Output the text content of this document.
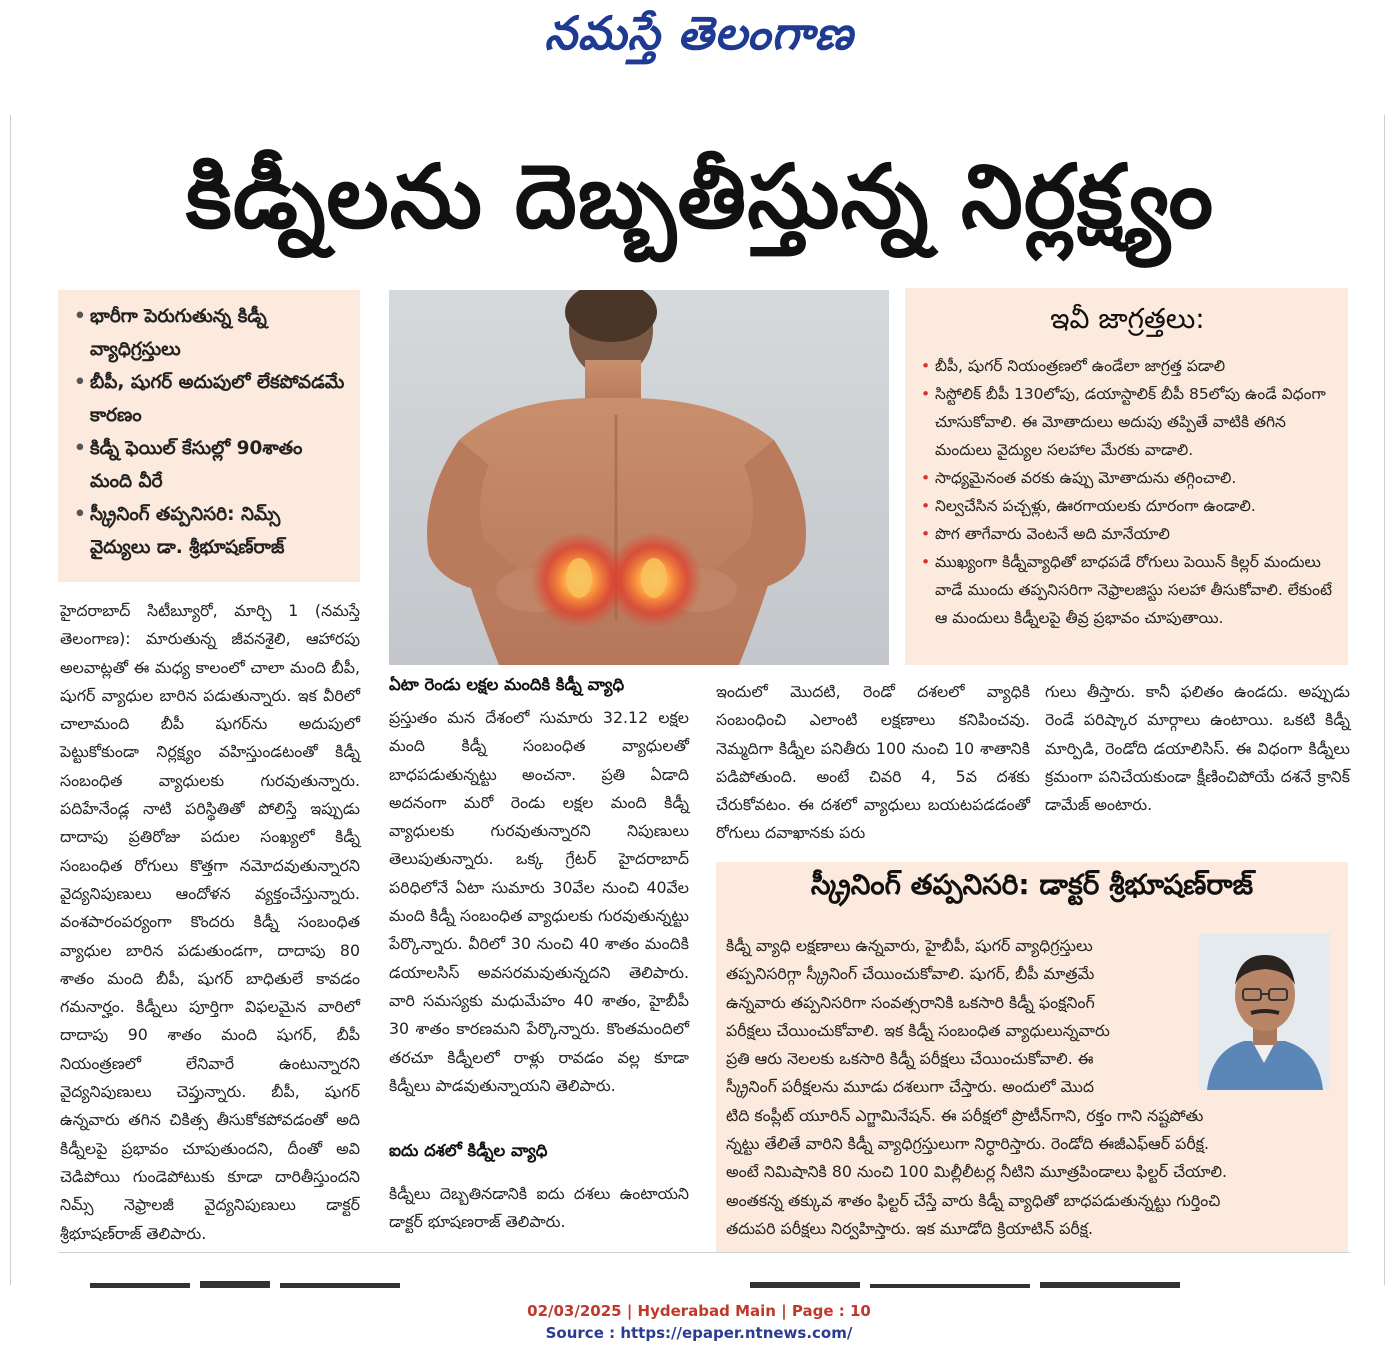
నమస్తే తెలంగాణ
కిడ్నీలను దెబ్బతీస్తున్న నిర్లక్ష్యం
• భారీగా పెరుగుతున్న కిడ్నీ వ్యాధిగ్రస్తులు
• బీపీ, షుగర్ అదుపులో లేకపోవడమే కారణం
• కిడ్నీ ఫెయిల్ కేసుల్లో 90శాతం మంది వీరే
• స్క్రీనింగ్ తప్పనిసరి: నిమ్స్ వైద్యులు డా. శ్రీభూషణ్‌రాజ్
ఇవీ జాగ్రత్తలు:
• బీపీ, షుగర్ నియంత్రణలో ఉండేలా జాగ్రత్త పడాలి
• సిస్టోలిక్ బీపీ 130లోపు, డయాస్టాలిక్ బీపీ 85లోపు ఉండే విధంగా చూసుకోవాలి. ఈ మోతాదులు అదుపు తప్పితే వాటికి తగిన మందులు వైద్యుల సలహాల మేరకు వాడాలి.
• సాధ్యమైనంత వరకు ఉప్పు మోతాదును తగ్గించాలి.
• నిల్వచేసిన పచ్చళ్లు, ఊరగాయలకు దూరంగా ఉండాలి.
• పొగ తాగేవారు వెంటనే అది మానేయాలి
• ముఖ్యంగా కిడ్నీవ్యాధితో బాధపడే రోగులు పెయిన్ కిల్లర్ మందులు వాడే ముందు తప్పనిసరిగా నెఫ్రాలజిస్టు సలహా తీసుకోవాలి. లేకుంటే ఆ మందులు కిడ్నీలపై తీవ్ర ప్రభావం చూపుతాయి.
హైదరాబాద్ సిటీబ్యూరో, మార్చి 1 (నమస్తే తెలంగాణ): మారుతున్న జీవనశైలి, ఆహారపు అలవాట్లతో ఈ మధ్య కాలంలో చాలా మంది బీపీ, షుగర్ వ్యాధుల బారిన పడుతున్నారు. ఇక వీరిలో చాలామంది బీపీ షుగర్‌ను అదుపులో పెట్టుకోకుండా నిర్లక్ష్యం వహిస్తుండటంతో కిడ్నీ సంబంధిత వ్యాధులకు గురవుతున్నారు. పదిహేనేండ్ల నాటి పరిస్థితితో పోలిస్తే ఇప్పుడు దాదాపు ప్రతిరోజు పదుల సంఖ్యలో కిడ్నీ సంబంధిత రోగులు కొత్తగా నమోదవుతున్నారని వైద్యనిపుణులు ఆందోళన వ్యక్తంచేస్తున్నారు. వంశపారంపర్యంగా కొందరు కిడ్నీ సంబంధిత వ్యాధుల బారిన పడుతుండగా, దాదాపు 80 శాతం మంది బీపీ, షుగర్ బాధితులే కావడం గమనార్హం. కిడ్నీలు పూర్తిగా విఫలమైన వారిలో దాదాపు 90 శాతం మంది షుగర్, బీపీ నియంత్రణలో లేనివారే ఉంటున్నారని వైద్యనిపుణులు చెప్తున్నారు. బీపీ, షుగర్ ఉన్నవారు తగిన చికిత్స తీసుకోకపోవడంతో అది కిడ్నీలపై ప్రభావం చూపుతుందని, దీంతో అవి చెడిపోయి గుండెపోటుకు కూడా దారితీస్తుందని నిమ్స్ నెఫ్రాలజీ వైద్యనిపుణులు డాక్టర్ శ్రీభూషణ్‌రాజ్ తెలిపారు.
ఏటా రెండు లక్షల మందికి కిడ్నీ వ్యాధి
ప్రస్తుతం మన దేశంలో సుమారు 32.12 లక్షల మంది కిడ్నీ సంబంధిత వ్యాధులతో బాధపడుతున్నట్టు అంచనా. ప్రతి ఏడాది అదనంగా మరో రెండు లక్షల మంది కిడ్నీ వ్యాధులకు గురవుతున్నారని నిపుణులు తెలుపుతున్నారు. ఒక్క గ్రేటర్ హైదరాబాద్ పరిధిలోనే ఏటా సుమారు 30వేల నుంచి 40వేల మంది కిడ్నీ సంబంధిత వ్యాధులకు గురవుతున్నట్టు పేర్కొన్నారు. వీరిలో 30 నుంచి 40 శాతం మందికి డయాలసిస్ అవసరమవుతున్నదని తెలిపారు. వారి సమస్యకు మధుమేహం 40 శాతం, హైబీపీ 30 శాతం కారణమని పేర్కొన్నారు. కొంతమందిలో తరచూ కిడ్నీలలో రాళ్లు రావడం వల్ల కూడా కిడ్నీలు పాడవుతున్నాయని తెలిపారు.
ఐదు దశలో కిడ్నీల వ్యాధి
కిడ్నీలు దెబ్బతినడానికి ఐదు దశలు ఉంటాయని డాక్టర్ భూషణరాజ్ తెలిపారు.
ఇందులో మొదటి, రెండో దశలలో వ్యాధికి సంబంధించి ఎలాంటి లక్షణాలు కనిపించవు. నెమ్మదిగా కిడ్నీల పనితీరు 100 నుంచి 10 శాతానికి పడిపోతుంది. అంటే చివరి 4, 5వ దశకు చేరుకోవటం. ఈ దశలో వ్యాధులు బయటపడడంతో రోగులు దవాఖానకు పరు
గులు తీస్తారు. కానీ ఫలితం ఉండదు. అప్పుడు రెండే పరిష్కార మార్గాలు ఉంటాయి. ఒకటి కిడ్నీ మార్పిడి, రెండోది డయాలిసిస్. ఈ విధంగా కిడ్నీలు క్రమంగా పనిచేయకుండా క్షీణించిపోయే దశనే క్రానిక్ డామేజ్ అంటారు.
స్క్రీనింగ్ తప్పనిసరి: డాక్టర్ శ్రీభూషణ్‌రాజ్
కిడ్నీ వ్యాధి లక్షణాలు ఉన్నవారు, హైబీపీ, షుగర్ వ్యాధిగ్రస్తులు
తప్పనిసరిగ్గా స్క్రీనింగ్ చేయించుకోవాలి. షుగర్, బీపీ మాత్రమే
ఉన్నవారు తప్పనిసరిగా సంవత్సరానికి ఒకసారి కిడ్నీ ఫంక్షనింగ్
పరీక్షలు చేయించుకోవాలి. ఇక కిడ్నీ సంబంధిత వ్యాధులున్నవారు
ప్రతి ఆరు నెలలకు ఒకసారి కిడ్నీ పరీక్షలు చేయించుకోవాలి. ఈ
స్క్రీనింగ్ పరీక్షలను మూడు దశలుగా చేస్తారు. అందులో మొద
టిది కంప్లీట్ యూరిన్ ఎగ్జామినేషన్. ఈ పరీక్షలో ప్రొటీన్‌గాని, రక్తం గాని నష్టపోతు
న్నట్టు తేలితే వారిని కిడ్నీ వ్యాధిగ్రస్తులుగా నిర్ధారిస్తారు. రెండోది ఈజీఎఫ్ఆర్ పరీక్ష.
అంటే నిమిషానికి 80 నుంచి 100 మిల్లీలీటర్ల నీటిని మూత్రపిండాలు ఫిల్టర్ చేయాలి.
అంతకన్న తక్కువ శాతం ఫిల్టర్ చేస్తే వారు కిడ్నీ వ్యాధితో బాధపడుతున్నట్టు గుర్తించి
తదుపరి పరీక్షలు నిర్వహిస్తారు. ఇక మూడోది క్రియాటిన్ పరీక్ష.
02/03/2025 | Hyderabad Main | Page : 10
Source : https://epaper.ntnews.com/
